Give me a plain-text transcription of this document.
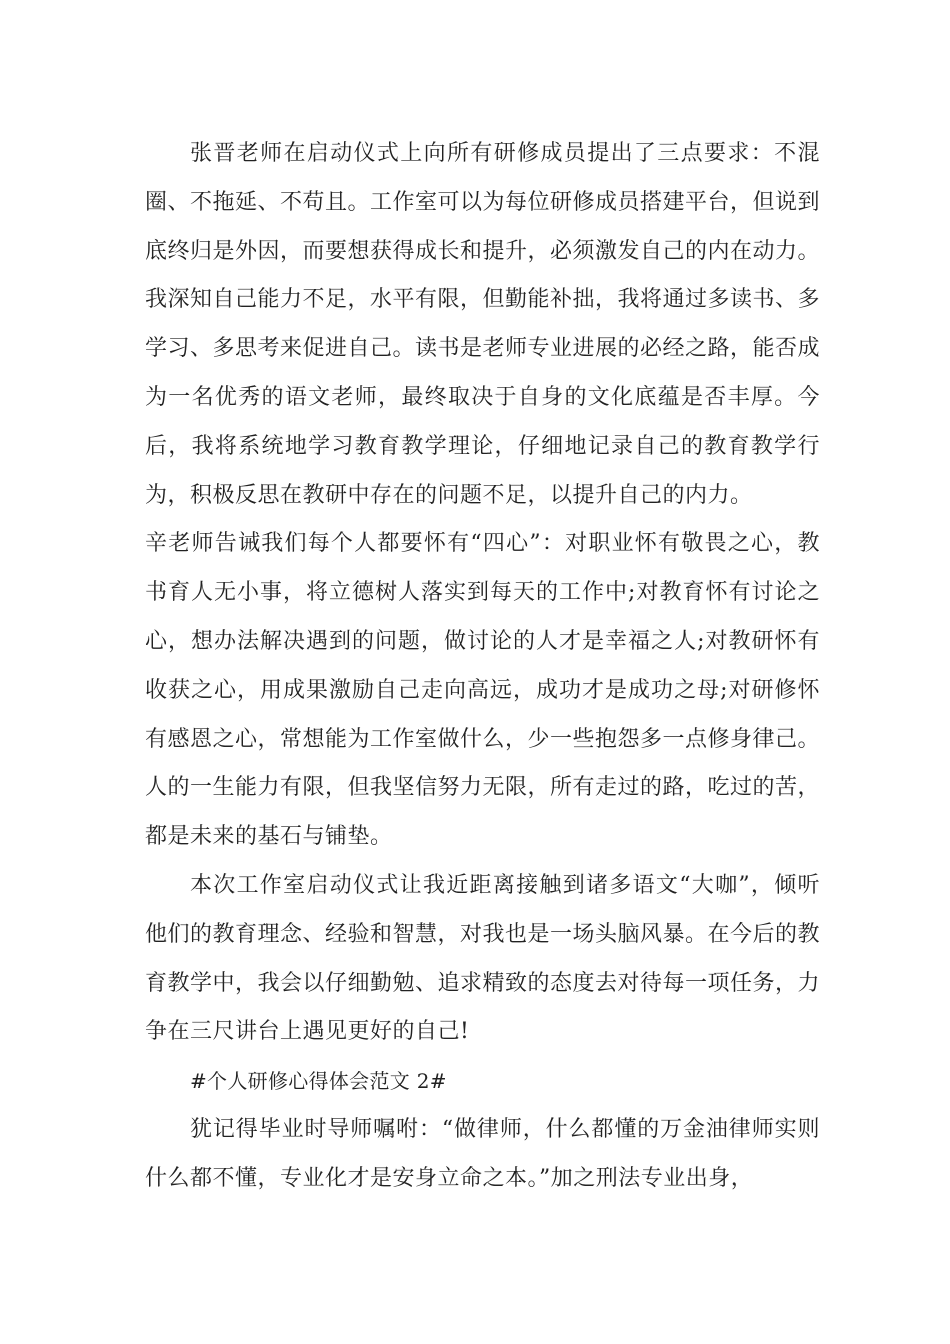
张晋老师在启动仪式上向所有研修成员提出了三点要求：不混圈、不拖延、不苟且。工作室可以为每位研修成员搭建平台，但说到底终归是外因，而要想获得成长和提升，必须激发自己的内在动力。我深知自己能力不足，水平有限，但勤能补拙，我将通过多读书、多学习、多思考来促进自己。读书是老师专业进展的必经之路，能否成为一名优秀的语文老师，最终取决于自身的文化底蕴是否丰厚。今后，我将系统地学习教育教学理论，仔细地记录自己的教育教学行为，积极反思在教研中存在的问题不足，以提升自己的内力。

辛老师告诫我们每个人都要怀有“四心”：对职业怀有敬畏之心，教书育人无小事，将立德树人落实到每天的工作中;对教育怀有讨论之心，想办法解决遇到的问题，做讨论的人才是幸福之人;对教研怀有收获之心，用成果激励自己走向高远，成功才是成功之母;对研修怀有感恩之心，常想能为工作室做什么，少一些抱怨多一点修身律己。人的一生能力有限，但我坚信努力无限，所有走过的路，吃过的苦，都是未来的基石与铺垫。

本次工作室启动仪式让我近距离接触到诸多语文“大咖”，倾听他们的教育理念、经验和智慧，对我也是一场头脑风暴。在今后的教育教学中，我会以仔细勤勉、追求精致的态度去对待每一项任务，力争在三尺讲台上遇见更好的自己!

#个人研修心得体会范文 2#

犹记得毕业时导师嘱咐：“做律师，什么都懂的万金油律师实则什么都不懂，专业化才是安身立命之本。”加之刑法专业出身，
